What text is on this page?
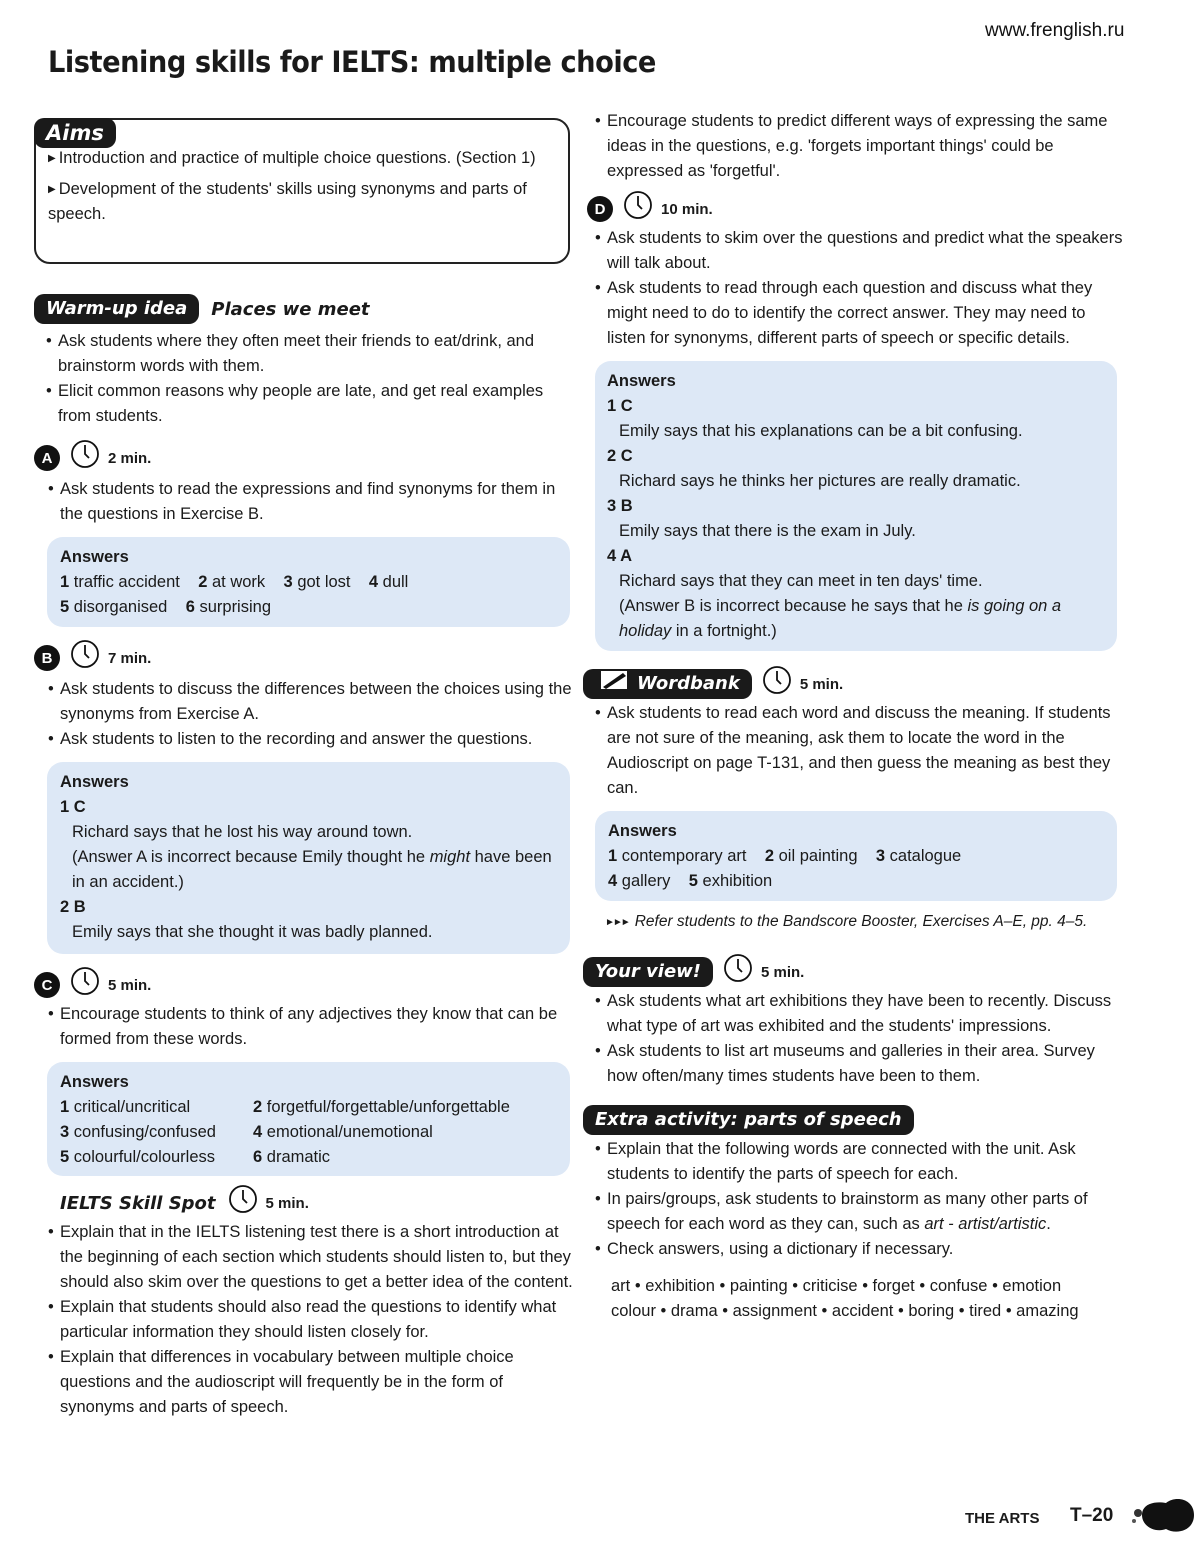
www.frenglish.ru
Listening skills for IELTS: multiple choice
Aims
▶ Introduction and practice of multiple choice questions. (Section 1)
▶ Development of the students' skills using synonyms and parts of speech.
Warm-up idea	Places we meet
• Ask students where they often meet their friends to eat/drink, and brainstorm words with them.
• Elicit common reasons why people are late, and get real examples from students.
A	2 min.
• Ask students to read the expressions and find synonyms for them in the questions in Exercise B.
Answers
1 traffic accident 2 at work 3 got lost 4 dull
5 disorganised 6 surprising
B	7 min.
• Ask students to discuss the differences between the choices using the synonyms from Exercise A.
• Ask students to listen to the recording and answer the questions.
Answers
1 C
Richard says that he lost his way around town.
(Answer A is incorrect because Emily thought he might have been in an accident.)
2 B
Emily says that she thought it was badly planned.
C	5 min.
• Encourage students to think of any adjectives they know that can be formed from these words.
Answers
1 critical/uncritical	2 forgetful/forgettable/unforgettable
3 confusing/confused	4 emotional/unemotional
5 colourful/colourless	6 dramatic
IELTS Skill Spot	5 min.
• Explain that in the IELTS listening test there is a short introduction at the beginning of each section which students should listen to, but they should also skim over the questions to get a better idea of the content.
• Explain that students should also read the questions to identify what particular information they should listen closely for.
• Explain that differences in vocabulary between multiple choice questions and the audioscript will frequently be in the form of synonyms and parts of speech.
• Encourage students to predict different ways of expressing the same ideas in the questions, e.g. 'forgets important things' could be expressed as 'forgetful'.
D	10 min.
• Ask students to skim over the questions and predict what the speakers will talk about.
• Ask students to read through each question and discuss what they might need to do to identify the correct answer. They may need to listen for synonyms, different parts of speech or specific details.
Answers
1 C
Emily says that his explanations can be a bit confusing.
2 C
Richard says he thinks her pictures are really dramatic.
3 B
Emily says that there is the exam in July.
4 A
Richard says that they can meet in ten days' time.
(Answer B is incorrect because he says that he is going on a holiday in a fortnight.)
Wordbank	5 min.
• Ask students to read each word and discuss the meaning. If students are not sure of the meaning, ask them to locate the word in the Audioscript on page T-131, and then guess the meaning as best they can.
Answers
1 contemporary art 2 oil painting 3 catalogue
4 gallery 5 exhibition
►►► Refer students to the Bandscore Booster, Exercises A–E, pp. 4–5.
Your view!	5 min.
• Ask students what art exhibitions they have been to recently. Discuss what type of art was exhibited and the students' impressions.
• Ask students to list art museums and galleries in their area. Survey how often/many times students have been to them.
Extra activity: parts of speech
• Explain that the following words are connected with the unit. Ask students to identify the parts of speech for each.
• In pairs/groups, ask students to brainstorm as many other parts of speech for each word as they can, such as art - artist/artistic.
• Check answers, using a dictionary if necessary.
art • exhibition • painting • criticise • forget • confuse • emotion
colour • drama • assignment • accident • boring • tired • amazing
THE ARTS T–20
